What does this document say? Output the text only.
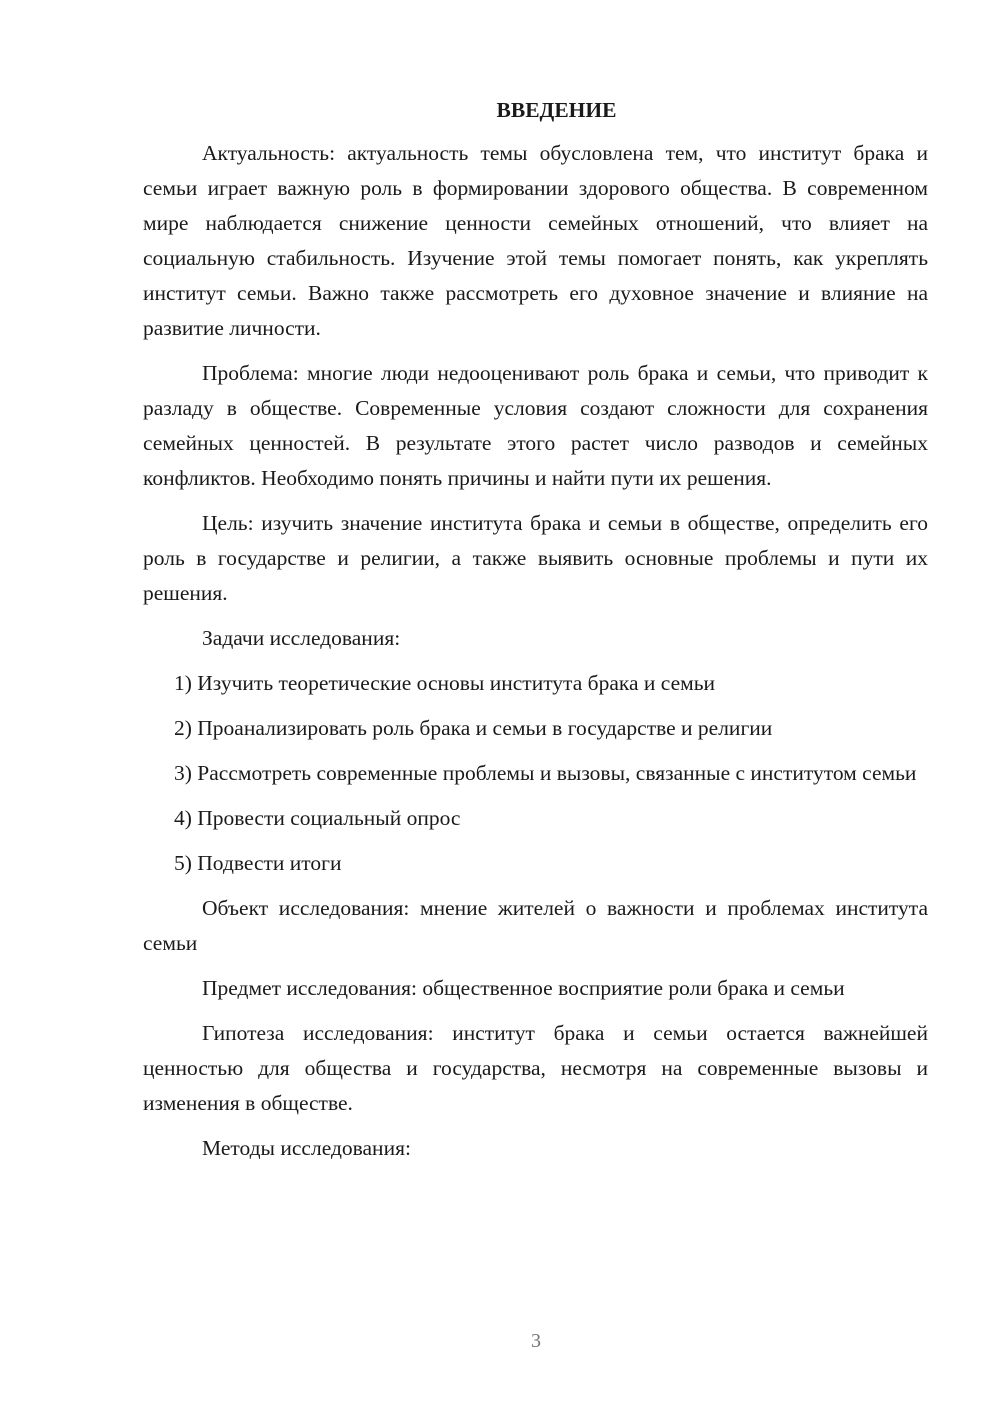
ВВЕДЕНИЕ

Актуальность: актуальность темы обусловлена тем, что институт брака и семьи играет важную роль в формировании здорового общества. В современном мире наблюдается снижение ценности семейных отношений, что влияет на социальную стабильность. Изучение этой темы помогает понять, как укреплять институт семьи. Важно также рассмотреть его духовное значение и влияние на развитие личности.

Проблема: многие люди недооценивают роль брака и семьи, что приводит к разладу в обществе. Современные условия создают сложности для сохранения семейных ценностей. В результате этого растет число разводов и семейных конфликтов. Необходимо понять причины и найти пути их решения.

Цель: изучить значение института брака и семьи в обществе, определить его роль в государстве и религии, а также выявить основные проблемы и пути их решения.

Задачи исследования:

1) Изучить теоретические основы института брака и семьи

2) Проанализировать роль брака и семьи в государстве и религии

3) Рассмотреть современные проблемы и вызовы, связанные с институтом семьи

4) Провести социальный опрос

5) Подвести итоги

Объект исследования: мнение жителей о важности и проблемах института семьи

Предмет исследования: общественное восприятие роли брака и семьи

Гипотеза исследования: институт брака и семьи остается важнейшей ценностью для общества и государства, несмотря на современные вызовы и изменения в обществе.

Методы исследования:

3
